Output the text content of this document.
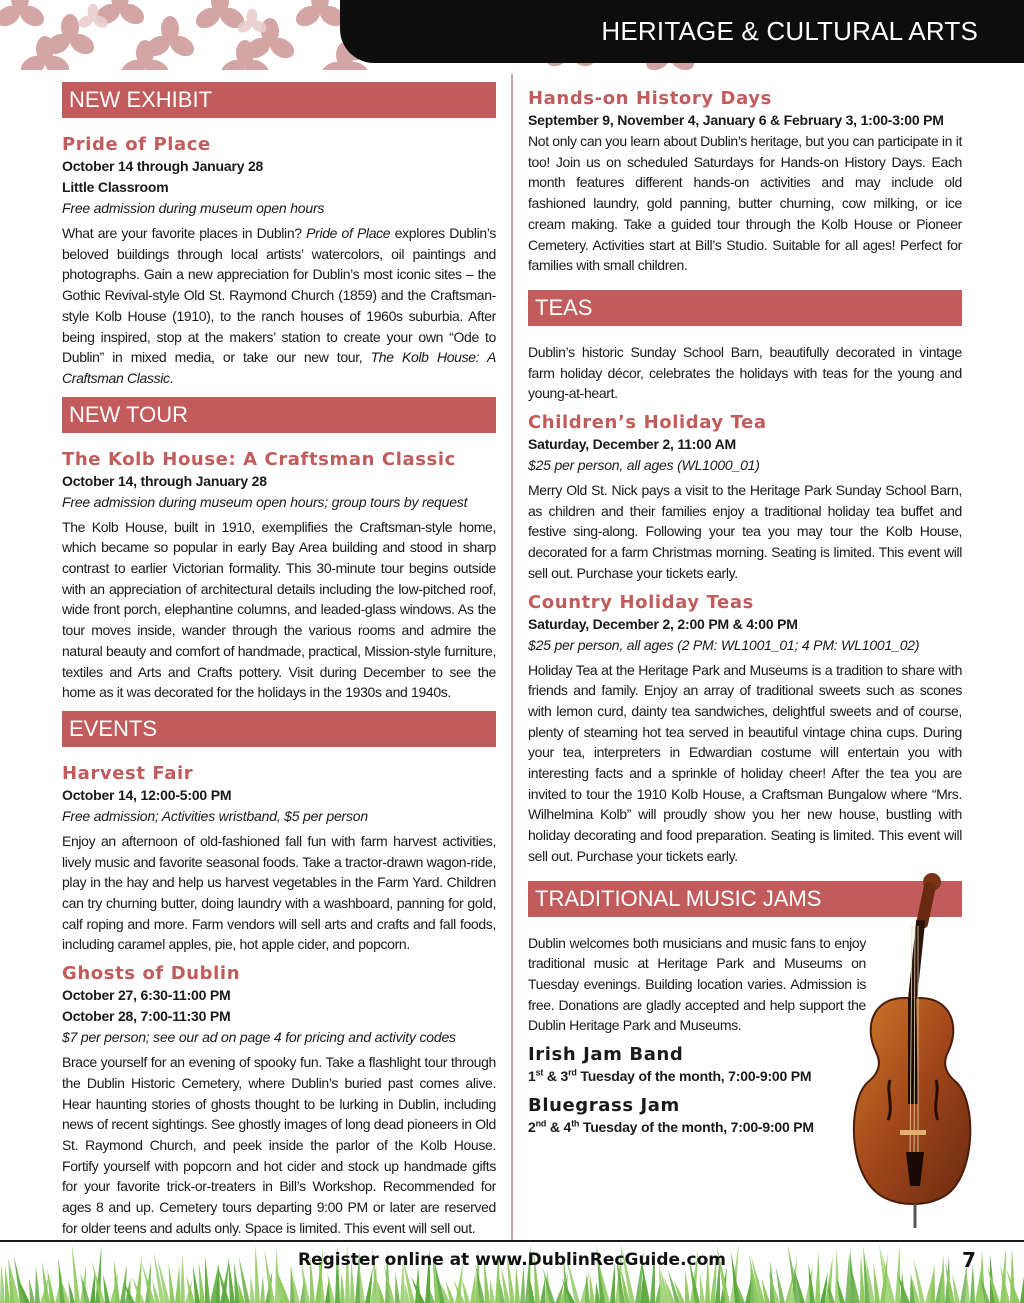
HERITAGE & CULTURAL ARTS
NEW EXHIBIT
Pride of Place
October 14 through January 28
Little Classroom
Free admission during museum open hours

What are your favorite places in Dublin? Pride of Place explores Dublin’s beloved buildings through local artists’ watercolors, oil paintings and photographs. Gain a new appreciation for Dublin’s most iconic sites – the Gothic Revival-style Old St. Raymond Church (1859) and the Craftsman-style Kolb House (1910), to the ranch houses of 1960s suburbia. After being inspired, stop at the makers’ station to create your own “Ode to Dublin” in mixed media, or take our new tour, The Kolb House: A Craftsman Classic.

NEW TOUR
The Kolb House: A Craftsman Classic
October 14, through January 28
Free admission during museum open hours; group tours by request

The Kolb House, built in 1910, exemplifies the Craftsman-style home, which became so popular in early Bay Area building and stood in sharp contrast to earlier Victorian formality. This 30-minute tour begins outside with an appreciation of architectural details including the low-pitched roof, wide front porch, elephantine columns, and leaded-glass windows. As the tour moves inside, wander through the various rooms and admire the natural beauty and comfort of handmade, practical, Mission-style furniture, textiles and Arts and Crafts pottery. Visit during December to see the home as it was decorated for the holidays in the 1930s and 1940s.

EVENTS
Harvest Fair
October 14, 12:00-5:00 PM
Free admission; Activities wristband, $5 per person

Enjoy an afternoon of old-fashioned fall fun with farm harvest activities, lively music and favorite seasonal foods. Take a tractor-drawn wagon-ride, play in the hay and help us harvest vegetables in the Farm Yard. Children can try churning butter, doing laundry with a washboard, panning for gold, calf roping and more. Farm vendors will sell arts and crafts and fall foods, including caramel apples, pie, hot apple cider, and popcorn.

Ghosts of Dublin
October 27, 6:30-11:00 PM
October 28, 7:00-11:30 PM
$7 per person; see our ad on page 4 for pricing and activity codes

Brace yourself for an evening of spooky fun. Take a flashlight tour through the Dublin Historic Cemetery, where Dublin’s buried past comes alive. Hear haunting stories of ghosts thought to be lurking in Dublin, including news of recent sightings. See ghostly images of long dead pioneers in Old St. Raymond Church, and peek inside the parlor of the Kolb House. Fortify yourself with popcorn and hot cider and stock up handmade gifts for your favorite trick-or-treaters in Bill’s Workshop. Recommended for ages 8 and up. Cemetery tours departing 9:00 PM or later are reserved for older teens and adults only. Space is limited. This event will sell out.

Hands-on History Days
September 9, November 4, January 6 & February 3, 1:00-3:00 PM

Not only can you learn about Dublin’s heritage, but you can participate in it too! Join us on scheduled Saturdays for Hands-on History Days. Each month features different hands-on activities and may include old fashioned laundry, gold panning, butter churning, cow milking, or ice cream making. Take a guided tour through the Kolb House or Pioneer Cemetery. Activities start at Bill’s Studio. Suitable for all ages! Perfect for families with small children.

TEAS

Dublin’s historic Sunday School Barn, beautifully decorated in vintage farm holiday décor, celebrates the holidays with teas for the young and young-at-heart.

Children’s Holiday Tea
Saturday, December 2, 11:00 AM
$25 per person, all ages (WL1000_01)

Merry Old St. Nick pays a visit to the Heritage Park Sunday School Barn, as children and their families enjoy a traditional holiday tea buffet and festive sing-along. Following your tea you may tour the Kolb House, decorated for a farm Christmas morning. Seating is limited. This event will sell out. Purchase your tickets early.

Country Holiday Teas
Saturday, December 2, 2:00 PM & 4:00 PM
$25 per person, all ages (2 PM: WL1001_01; 4 PM: WL1001_02)

Holiday Tea at the Heritage Park and Museums is a tradition to share with friends and family. Enjoy an array of traditional sweets such as scones with lemon curd, dainty tea sandwiches, delightful sweets and of course, plenty of steaming hot tea served in beautiful vintage china cups. During your tea, interpreters in Edwardian costume will entertain you with interesting facts and a sprinkle of holiday cheer! After the tea you are invited to tour the 1910 Kolb House, a Craftsman Bungalow where “Mrs. Wilhelmina Kolb” will proudly show you her new house, bustling with holiday decorating and food preparation. Seating is limited. This event will sell out. Purchase your tickets early.

TRADITIONAL MUSIC JAMS

Dublin welcomes both musicians and music fans to enjoy traditional music at Heritage Park and Museums on Tuesday evenings. Building location varies. Admission is free. Donations are gladly accepted and help support the Dublin Heritage Park and Museums.

Irish Jam Band
1st & 3rd Tuesday of the month, 7:00-9:00 PM
Bluegrass Jam
2nd & 4th Tuesday of the month, 7:00-9:00 PM
Register online at www.DublinRecGuide.com	7
